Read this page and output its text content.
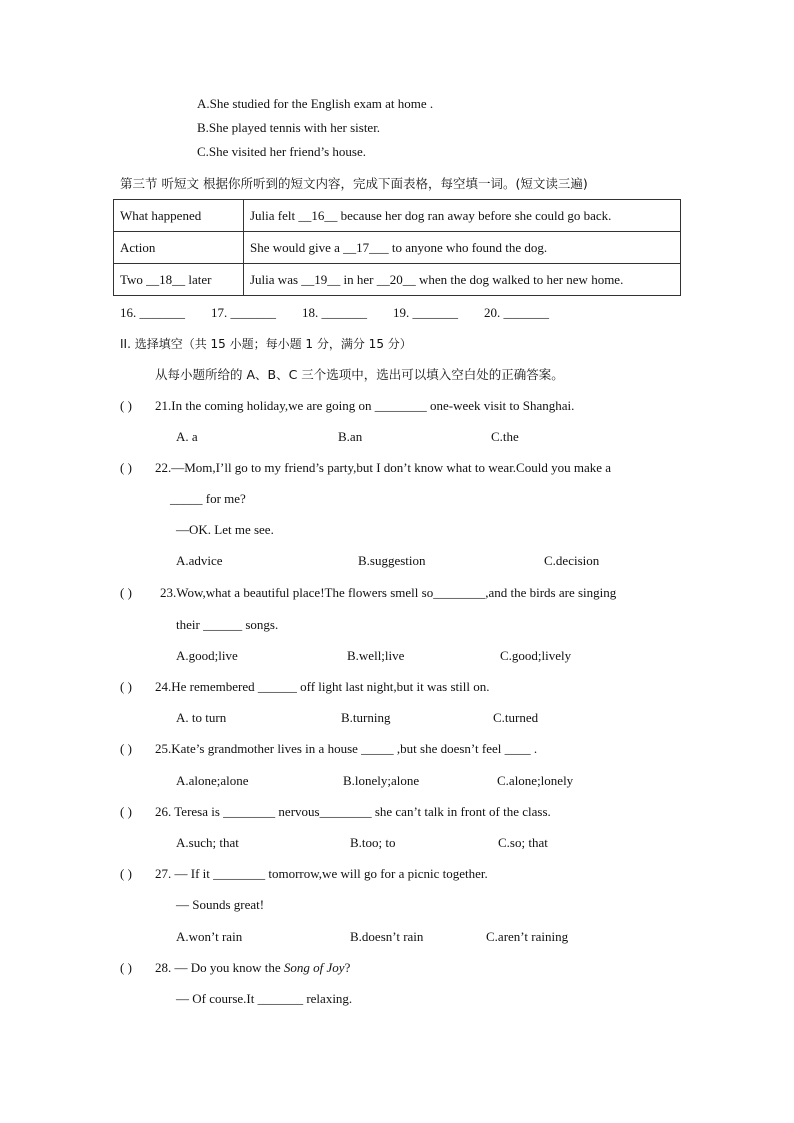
A.She studied for the English exam at home .
B.She played tennis with her sister.
C.She visited her friend’s house.
第三节 听短文 根据你所听到的短文内容，完成下面表格，每空填一词。(短文读三遍)
What happened	Julia felt __16__ because her dog ran away before she could go back.
Action	She would give a __17___ to anyone who found the dog.
Two __18__ later	Julia was __19__ in her __20__ when the dog walked to her new home.
16. _______ 17. _______ 18. _______ 19. _______ 20. _______
II. 选择填空（共 15 小题；每小题 1 分，满分 15 分）
从每小题所给的 A、B、C 三个选项中，选出可以填入空白处的正确答案。
( ) 21.In the coming holiday,we are going on ________ one-week visit to Shanghai.
A. a	B.an	C.the
( ) 22.—Mom,I’ll go to my friend’s party,but I don’t know what to wear.Could you make a
_____ for me?
—OK. Let me see.
A.advice	B.suggestion	C.decision
( ) 23.Wow,what a beautiful place!The flowers smell so________,and the birds are singing
their ______ songs.
A.good;live	B.well;live	C.good;lively
( ) 24.He remembered ______ off light last night,but it was still on.
A. to turn	B.turning	C.turned
( ) 25.Kate’s grandmother lives in a house _____ ,but she doesn’t feel ____ .
A.alone;alone	B.lonely;alone	C.alone;lonely
( ) 26. Teresa is ________ nervous________ she can’t talk in front of the class.
A.such; that	B.too; to	C.so; that
( ) 27. — If it ________ tomorrow,we will go for a picnic together.
— Sounds great!
A.won’t rain	B.doesn’t rain	C.aren’t raining
( ) 28. — Do you know the Song of Joy?
— Of course.It _______ relaxing.
